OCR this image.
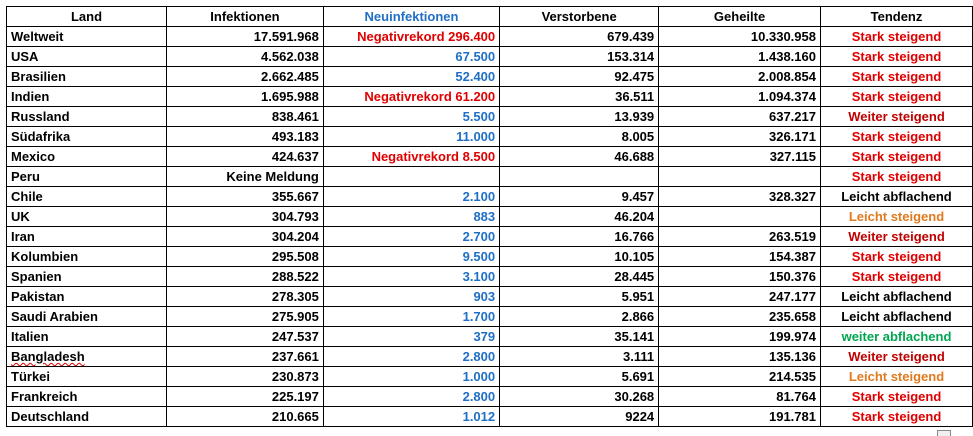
Land	Infektionen	Neuinfektionen	Verstorbene	Geheilte	Tendenz
Weltweit	17.591.968	Negativrekord 296.400	679.439	10.330.958	Stark steigend
USA	4.562.038	67.500	153.314	1.438.160	Stark steigend
Brasilien	2.662.485	52.400	92.475	2.008.854	Stark steigend
Indien	1.695.988	Negativrekord 61.200	36.511	1.094.374	Stark steigend
Russland	838.461	5.500	13.939	637.217	Weiter steigend
Südafrika	493.183	11.000	8.005	326.171	Stark steigend
Mexico	424.637	Negativrekord 8.500	46.688	327.115	Stark steigend
Peru	Keine Meldung				Stark steigend
Chile	355.667	2.100	9.457	328.327	Leicht abflachend
UK	304.793	883	46.204		Leicht steigend
Iran	304.204	2.700	16.766	263.519	Weiter steigend
Kolumbien	295.508	9.500	10.105	154.387	Stark steigend
Spanien	288.522	3.100	28.445	150.376	Stark steigend
Pakistan	278.305	903	5.951	247.177	Leicht abflachend
Saudi Arabien	275.905	1.700	2.866	235.658	Leicht abflachend
Italien	247.537	379	35.141	199.974	weiter abflachend
Bangladesh	237.661	2.800	3.111	135.136	Weiter steigend
Türkei	230.873	1.000	5.691	214.535	Leicht steigend
Frankreich	225.197	2.800	30.268	81.764	Stark steigend
Deutschland	210.665	1.012	9224	191.781	Stark steigend
